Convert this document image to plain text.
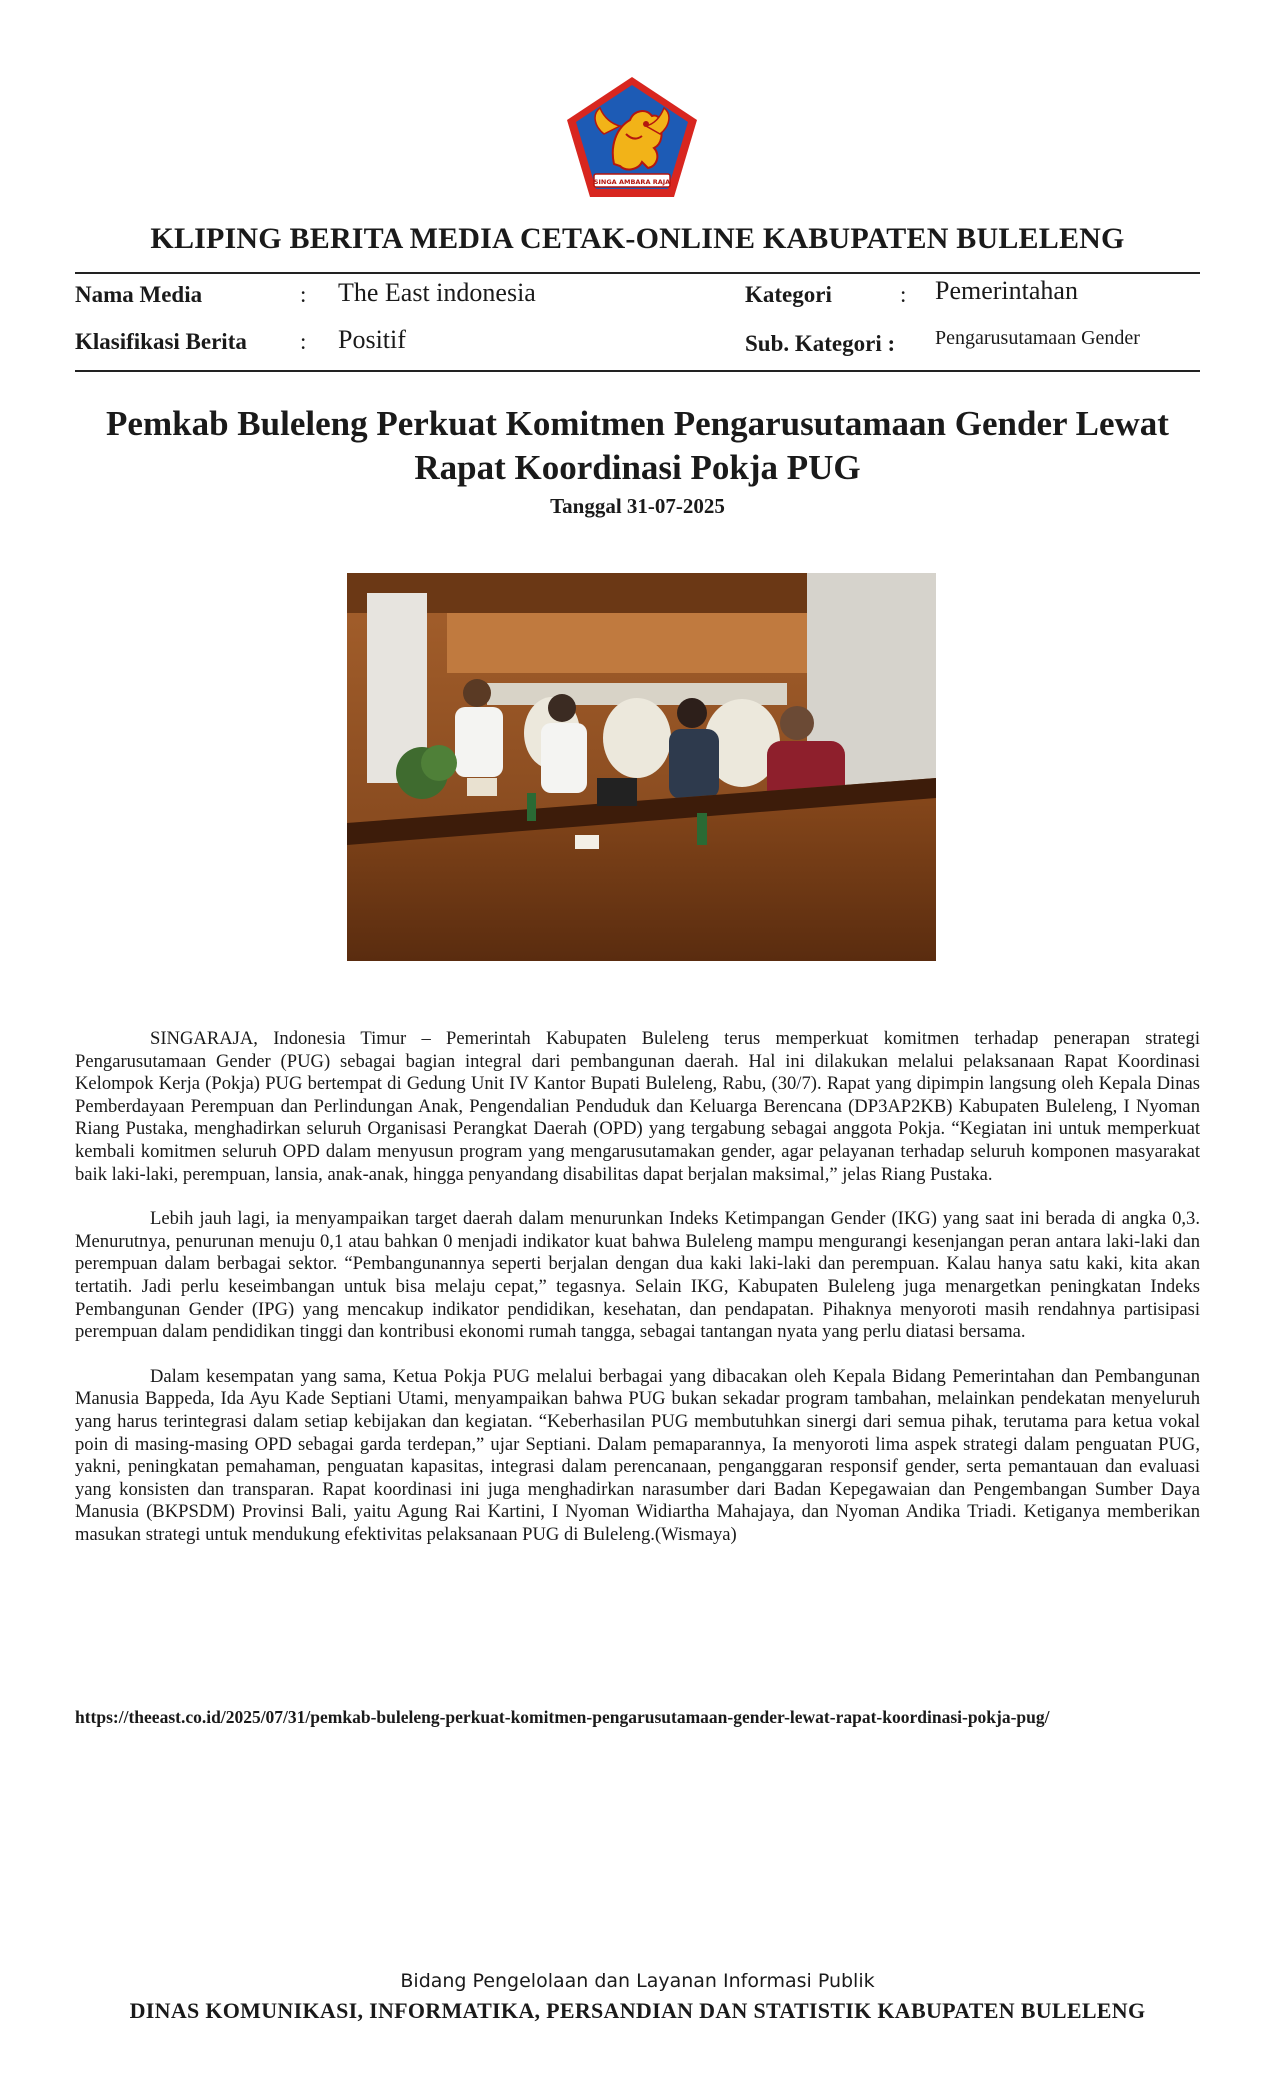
SINGA AMBARA RAJA
KLIPING BERITA MEDIA CETAK-ONLINE KABUPATEN BULELENG
Nama Media	: The East indonesia
Klasifikasi Berita : Positif
Kategori	: Pemerintahan
Sub. Kategori : Pengarusutamaan Gender
Pemkab Buleleng Perkuat Komitmen Pengarusutamaan Gender Lewat Rapat Koordinasi Pokja PUG
Tanggal 31-07-2025

SINGARAJA, Indonesia Timur – Pemerintah Kabupaten Buleleng terus memperkuat komitmen terhadap penerapan strategi Pengarusutamaan Gender (PUG) sebagai bagian integral dari pembangunan daerah. Hal ini dilakukan melalui pelaksanaan Rapat Koordinasi Kelompok Kerja (Pokja) PUG bertempat di Gedung Unit IV Kantor Bupati Buleleng, Rabu, (30/7). Rapat yang dipimpin langsung oleh Kepala Dinas Pemberdayaan Perempuan dan Perlindungan Anak, Pengendalian Penduduk dan Keluarga Berencana (DP3AP2KB) Kabupaten Buleleng, I Nyoman Riang Pustaka, menghadirkan seluruh Organisasi Perangkat Daerah (OPD) yang tergabung sebagai anggota Pokja. “Kegiatan ini untuk memperkuat kembali komitmen seluruh OPD dalam menyusun program yang mengarusutamakan gender, agar pelayanan terhadap seluruh komponen masyarakat baik laki-laki, perempuan, lansia, anak-anak, hingga penyandang disabilitas dapat berjalan maksimal,” jelas Riang Pustaka.

Lebih jauh lagi, ia menyampaikan target daerah dalam menurunkan Indeks Ketimpangan Gender (IKG) yang saat ini berada di angka 0,3. Menurutnya, penurunan menuju 0,1 atau bahkan 0 menjadi indikator kuat bahwa Buleleng mampu mengurangi kesenjangan peran antara laki-laki dan perempuan dalam berbagai sektor. “Pembangunannya seperti berjalan dengan dua kaki laki-laki dan perempuan. Kalau hanya satu kaki, kita akan tertatih. Jadi perlu keseimbangan untuk bisa melaju cepat,” tegasnya. Selain IKG, Kabupaten Buleleng juga menargetkan peningkatan Indeks Pembangunan Gender (IPG) yang mencakup indikator pendidikan, kesehatan, dan pendapatan. Pihaknya menyoroti masih rendahnya partisipasi perempuan dalam pendidikan tinggi dan kontribusi ekonomi rumah tangga, sebagai tantangan nyata yang perlu diatasi bersama.

Dalam kesempatan yang sama, Ketua Pokja PUG melalui berbagai yang dibacakan oleh Kepala Bidang Pemerintahan dan Pembangunan Manusia Bappeda, Ida Ayu Kade Septiani Utami, menyampaikan bahwa PUG bukan sekadar program tambahan, melainkan pendekatan menyeluruh yang harus terintegrasi dalam setiap kebijakan dan kegiatan. “Keberhasilan PUG membutuhkan sinergi dari semua pihak, terutama para ketua vokal poin di masing-masing OPD sebagai garda terdepan,” ujar Septiani. Dalam pemaparannya, Ia menyoroti lima aspek strategi dalam penguatan PUG, yakni, peningkatan pemahaman, penguatan kapasitas, integrasi dalam perencanaan, penganggaran responsif gender, serta pemantauan dan evaluasi yang konsisten dan transparan. Rapat koordinasi ini juga menghadirkan narasumber dari Badan Kepegawaian dan Pengembangan Sumber Daya Manusia (BKPSDM) Provinsi Bali, yaitu Agung Rai Kartini, I Nyoman Widiartha Mahajaya, dan Nyoman Andika Triadi. Ketiganya memberikan masukan strategi untuk mendukung efektivitas pelaksanaan PUG di Buleleng.(Wismaya)

https://theeast.co.id/2025/07/31/pemkab-buleleng-perkuat-komitmen-pengarusutamaan-gender-lewat-rapat-koordinasi-pokja-pug/
Bidang Pengelolaan dan Layanan Informasi Publik
DINAS KOMUNIKASI, INFORMATIKA, PERSANDIAN DAN STATISTIK KABUPATEN BULELENG
